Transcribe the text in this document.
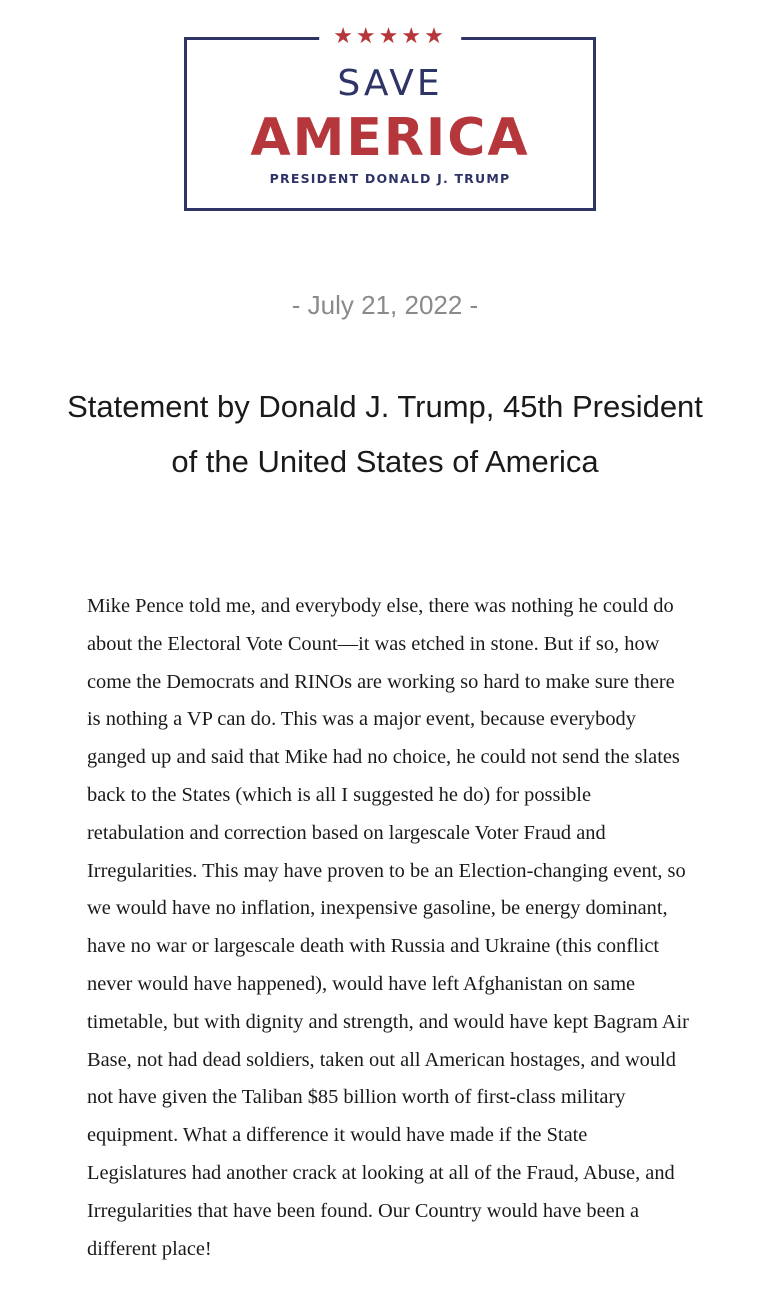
★★★★★
SAVE
AMERICA
PRESIDENT DONALD J. TRUMP
- July 21, 2022 -
Statement by Donald J. Trump, 45th President of the United States of America

Mike Pence told me, and everybody else, there was nothing he could do about the Electoral Vote Count—it was etched in stone. But if so, how come the Democrats and RINOs are working so hard to make sure there is nothing a VP can do. This was a major event, because everybody ganged up and said that Mike had no choice, he could not send the slates back to the States (which is all I suggested he do) for possible retabulation and correction based on largescale Voter Fraud and Irregularities. This may have proven to be an Election-changing event, so we would have no inflation, inexpensive gasoline, be energy dominant, have no war or largescale death with Russia and Ukraine (this conflict never would have happened), would have left Afghanistan on same timetable, but with dignity and strength, and would have kept Bagram Air Base, not had dead soldiers, taken out all American hostages, and would not have given the Taliban $85 billion worth of first-class military equipment. What a difference it would have made if the State Legislatures had another crack at looking at all of the Fraud, Abuse, and Irregularities that have been found. Our Country would have been a different place!
